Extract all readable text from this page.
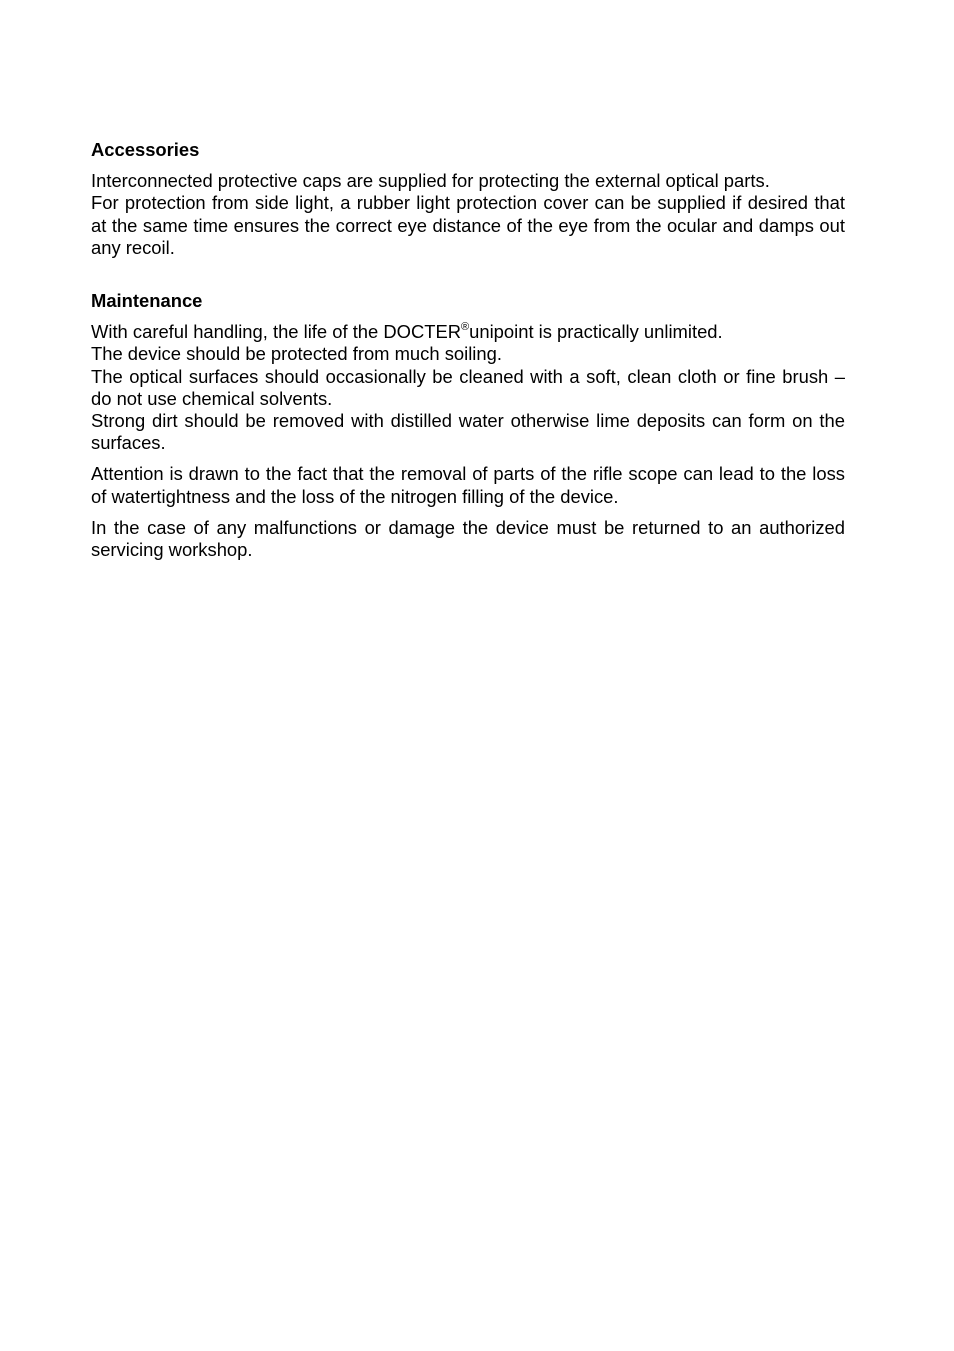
Accessories

Interconnected protective caps are supplied for protecting the external optical parts.

For protection from side light, a rubber light protection cover can be supplied if desired that at the same time ensures the correct eye distance of the eye from the ocular and damps out any recoil.

Maintenance

With careful handling, the life of the DOCTER®unipoint is practically unlimited.

The device should be protected from much soiling.

The optical surfaces should occasionally be cleaned with a soft, clean cloth or fine brush – do not use chemical solvents.

Strong dirt should be removed with distilled water otherwise lime deposits can form on the surfaces.

Attention is drawn to the fact that the removal of parts of the rifle scope can lead to the loss of watertightness and the loss of the nitrogen filling of the device.

In the case of any malfunctions or damage the device must be returned to an authorized servicing workshop.
